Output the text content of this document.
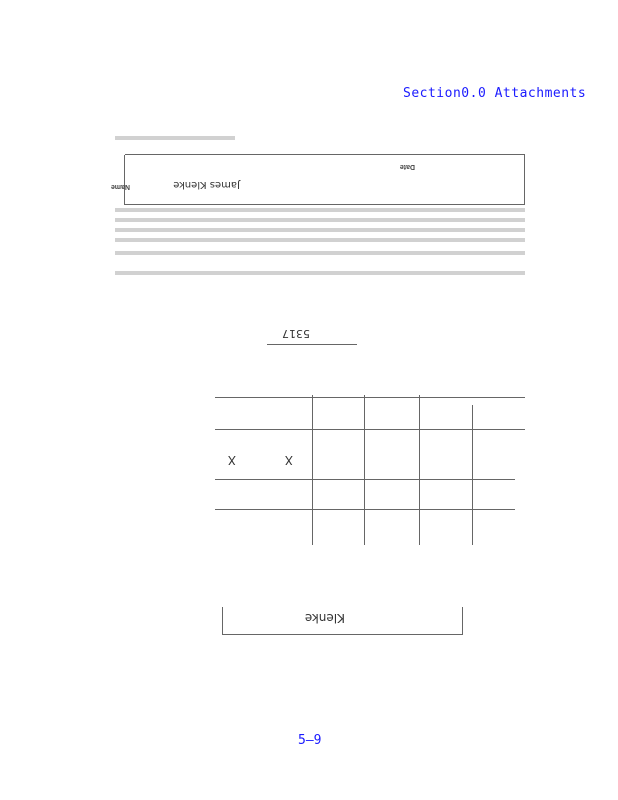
Section0.0 Attachments
Klenke
X
X
5317
James Klenke
Name
Date
5–9
